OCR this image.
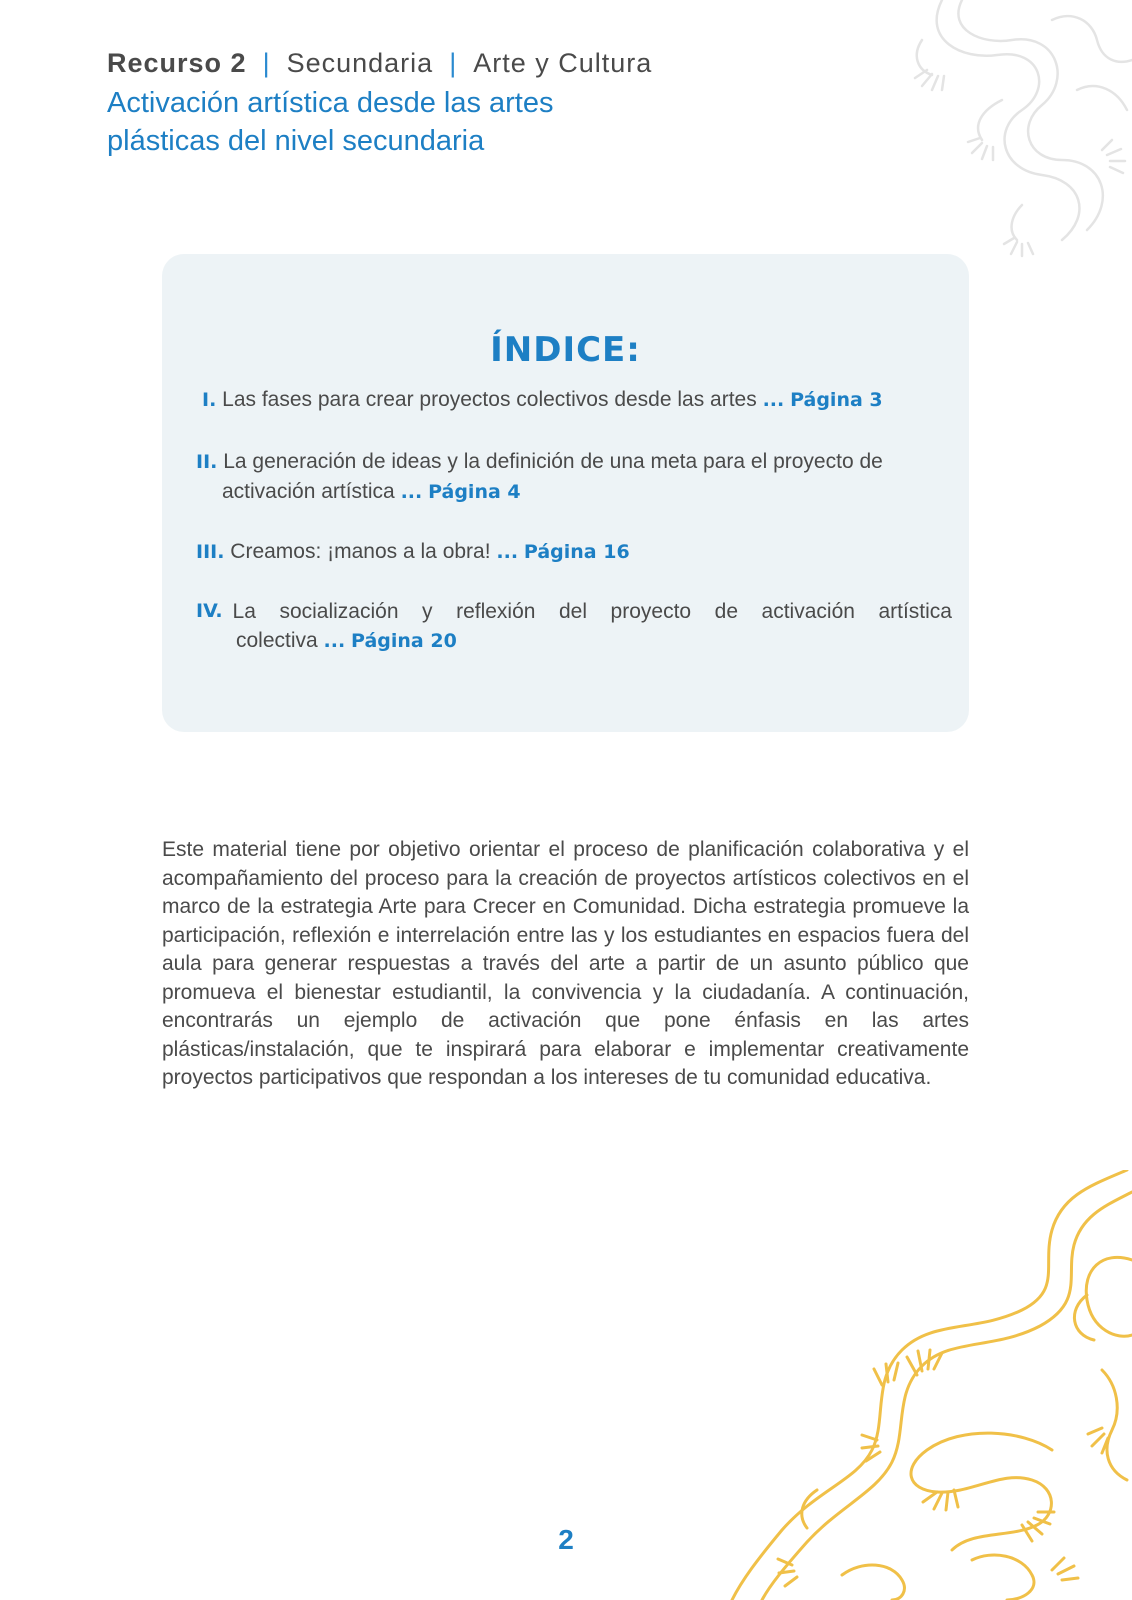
Recurso 2 | Secundaria | Arte y Cultura
Activación artística desde las artes
plásticas del nivel secundaria
ÍNDICE:
I. Las fases para crear proyectos colectivos desde las artes ... Página 3
II. La generación de ideas y la definición de una meta para el proyecto de
activación artística ... Página 4
III. Creamos: ¡manos a la obra! ... Página 16
IV. La socialización y reflexión del proyecto de activación artística
colectiva ... Página 20
Este material tiene por objetivo orientar el proceso de planificación colaborativa y el acompañamiento del proceso para la creación de proyectos artísticos colectivos en el marco de la estrategia Arte para Crecer en Comunidad. Dicha estrategia promueve la participación, reflexión e interrelación entre las y los estudiantes en espacios fuera del aula para generar respuestas a través del arte a partir de un asunto público que promueva el bienestar estudiantil, la convivencia y la ciudadanía. A continuación, encontrarás un ejemplo de activación que pone énfasis en las artes plásticas/instalación, que te inspirará para elaborar e implementar creativamente proyectos participativos que respondan a los intereses de tu comunidad educativa.
2
